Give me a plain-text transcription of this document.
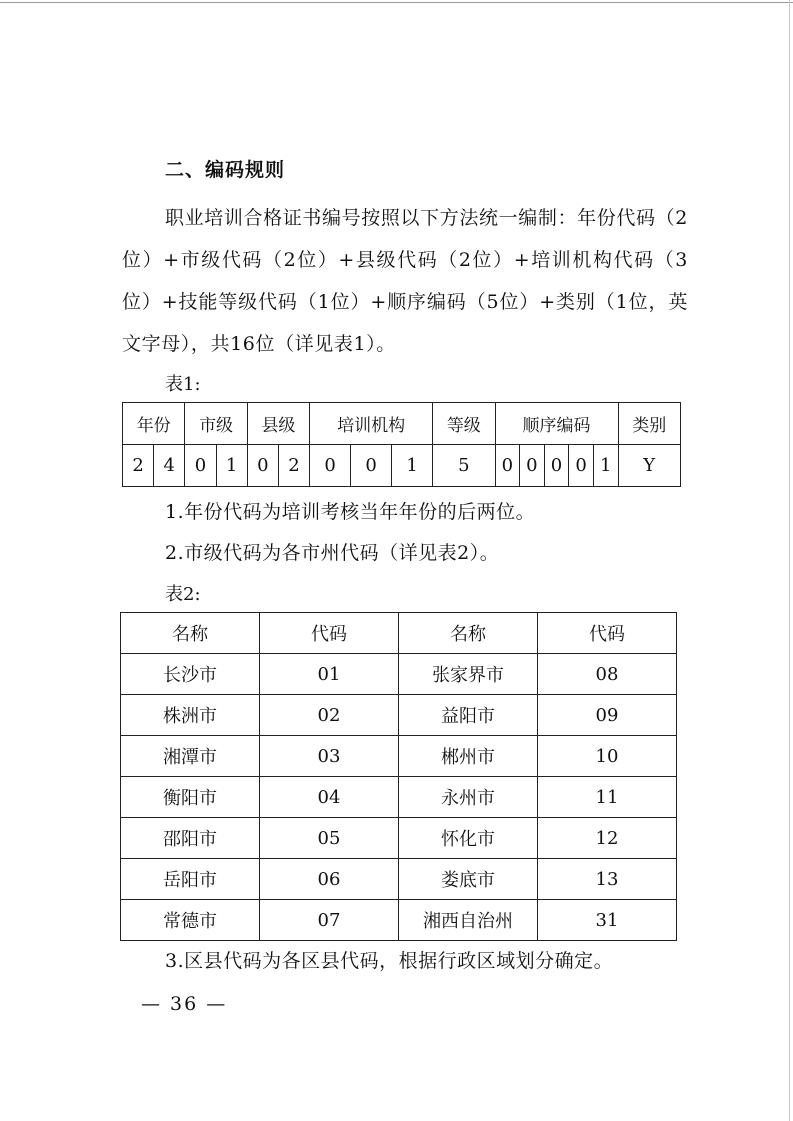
二、编码规则
职业培训合格证书编号按照以下方法统一编制：年份代码（2位）+市级代码（2位）+县级代码（2位）+培训机构代码（3位）+技能等级代码（1位）+顺序编码（5位）+类别（1位，英文字母），共16位（详见表1）。
表1:
年份		市级		县级		培训机构			等级	顺序编码					类别
2	4	0	1	0	2	0	0	1	5	0	0	0	0	1	Y
1.年份代码为培训考核当年年份的后两位。
2.市级代码为各市州代码（详见表2）。
表2:
名称	代码	名称	代码
长沙市	01	张家界市	08
株洲市	02	益阳市	09
湘潭市	03	郴州市	10
衡阳市	04	永州市	11
邵阳市	05	怀化市	12
岳阳市	06	娄底市	13
常德市	07	湘西自治州	31
3.区县代码为各区县代码，根据行政区域划分确定。
— 36 —
